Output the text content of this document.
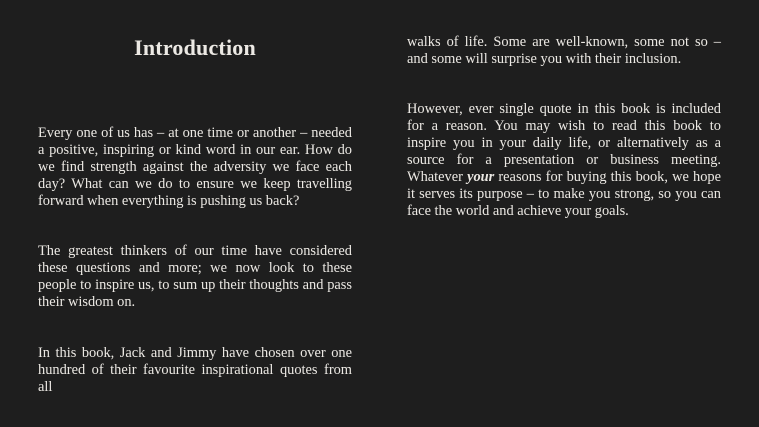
Introduction

Every one of us has – at one time or another – needed a positive, inspiring or kind word in our ear. How do we find strength against the adversity we face each day? What can we do to ensure we keep travelling forward when everything is pushing us back?

The greatest thinkers of our time have considered these questions and more; we now look to these people to inspire us, to sum up their thoughts and pass their wisdom on.

In this book, Jack and Jimmy have chosen over one hundred of their favourite inspirational quotes from all

walks of life. Some are well-known, some not so – and some will surprise you with their inclusion.

However, ever single quote in this book is included for a reason. You may wish to read this book to inspire you in your daily life, or alternatively as a source for a presentation or business meeting. Whatever your reasons for buying this book, we hope it serves its purpose – to make you strong, so you can face the world and achieve your goals.
